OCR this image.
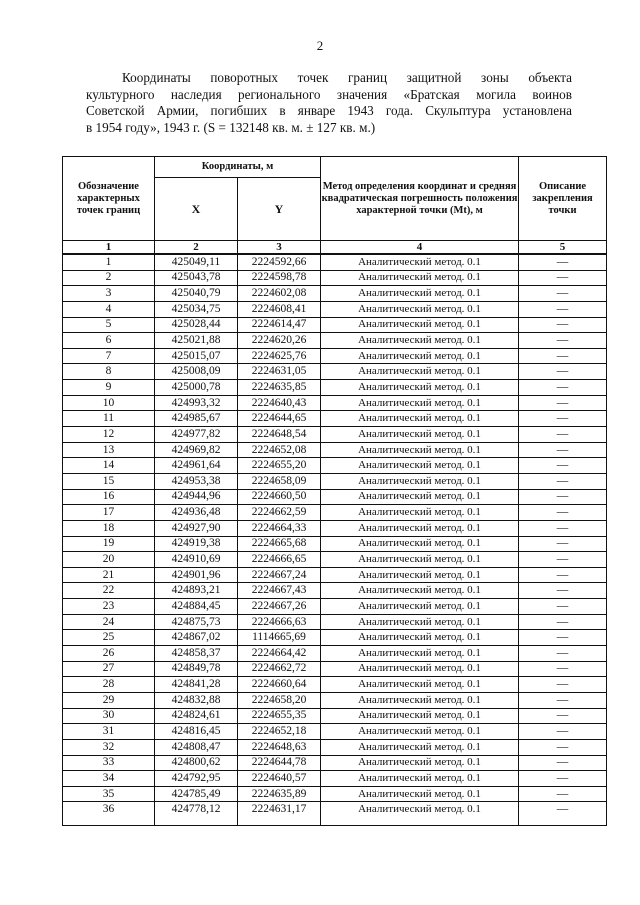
2
Координаты поворотных точек границ защитной зоны объекта
культурного наследия регионального значения «Братская могила воинов
Советской Армии, погибших в январе 1943 года. Скульптура установлена
в 1954 году», 1943 г. (S = 132148 кв. м. ± 127 кв. м.)
Обозначение характерных точек границ	Координаты, м		Метод определения координат и средняя квадратическая погрешность положения характерной точки (Mt), м	Описание закрепления точки
	X	Y		
1	2	3	4	5
1	425049,11	2224592,66	Аналитический метод. 0.1	—
2	425043,78	2224598,78	Аналитический метод. 0.1	—
3	425040,79	2224602,08	Аналитический метод. 0.1	—
4	425034,75	2224608,41	Аналитический метод. 0.1	—
5	425028,44	2224614,47	Аналитический метод. 0.1	—
6	425021,88	2224620,26	Аналитический метод. 0.1	—
7	425015,07	2224625,76	Аналитический метод. 0.1	—
8	425008,09	2224631,05	Аналитический метод. 0.1	—
9	425000,78	2224635,85	Аналитический метод. 0.1	—
10	424993,32	2224640,43	Аналитический метод. 0.1	—
11	424985,67	2224644,65	Аналитический метод. 0.1	—
12	424977,82	2224648,54	Аналитический метод. 0.1	—
13	424969,82	2224652,08	Аналитический метод. 0.1	—
14	424961,64	2224655,20	Аналитический метод. 0.1	—
15	424953,38	2224658,09	Аналитический метод. 0.1	—
16	424944,96	2224660,50	Аналитический метод. 0.1	—
17	424936,48	2224662,59	Аналитический метод. 0.1	—
18	424927,90	2224664,33	Аналитический метод. 0.1	—
19	424919,38	2224665,68	Аналитический метод. 0.1	—
20	424910,69	2224666,65	Аналитический метод. 0.1	—
21	424901,96	2224667,24	Аналитический метод. 0.1	—
22	424893,21	2224667,43	Аналитический метод. 0.1	—
23	424884,45	2224667,26	Аналитический метод. 0.1	—
24	424875,73	2224666,63	Аналитический метод. 0.1	—
25	424867,02	1114665,69	Аналитический метод. 0.1	—
26	424858,37	2224664,42	Аналитический метод. 0.1	—
27	424849,78	2224662,72	Аналитический метод. 0.1	—
28	424841,28	2224660,64	Аналитический метод. 0.1	—
29	424832,88	2224658,20	Аналитический метод. 0.1	—
30	424824,61	2224655,35	Аналитический метод. 0.1	—
31	424816,45	2224652,18	Аналитический метод. 0.1	—
32	424808,47	2224648,63	Аналитический метод. 0.1	—
33	424800,62	2224644,78	Аналитический метод. 0.1	—
34	424792,95	2224640,57	Аналитический метод. 0.1	—
35	424785,49	2224635,89	Аналитический метод. 0.1	—
36	424778,12	2224631,17	Аналитический метод. 0.1	—
